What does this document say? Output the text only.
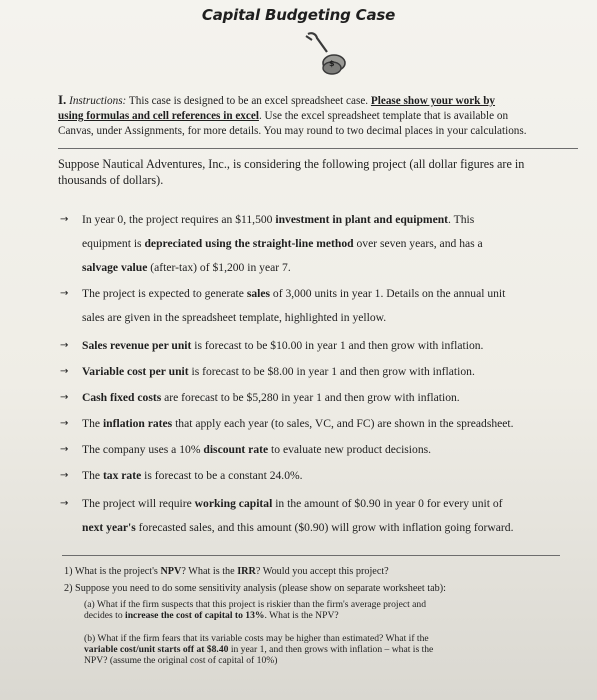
Capital Budgeting Case
$
I. Instructions: This case is designed to be an excel spreadsheet case. Please show your work by
using formulas and cell references in excel. Use the excel spreadsheet template that is available on
Canvas, under Assignments, for more details. You may round to two decimal places in your calculations.
Suppose Nautical Adventures, Inc., is considering the following project (all dollar figures are in
thousands of dollars).
→ In year 0, the project requires an $11,500 investment in plant and equipment. This
equipment is depreciated using the straight-line method over seven years, and has a
salvage value (after-tax) of $1,200 in year 7.
→ The project is expected to generate sales of 3,000 units in year 1. Details on the annual unit
sales are given in the spreadsheet template, highlighted in yellow.
→ Sales revenue per unit is forecast to be $10.00 in year 1 and then grow with inflation.
→ Variable cost per unit is forecast to be $8.00 in year 1 and then grow with inflation.
→ Cash fixed costs are forecast to be $5,280 in year 1 and then grow with inflation.
→ The inflation rates that apply each year (to sales, VC, and FC) are shown in the spreadsheet.
→ The company uses a 10% discount rate to evaluate new product decisions.
→ The tax rate is forecast to be a constant 24.0%.
→ The project will require working capital in the amount of $0.90 in year 0 for every unit of
next year's forecasted sales, and this amount ($0.90) will grow with inflation going forward.
1) What is the project's NPV? What is the IRR? Would you accept this project?
2) Suppose you need to do some sensitivity analysis (please show on separate worksheet tab):
(a) What if the firm suspects that this project is riskier than the firm's average project and
decides to increase the cost of capital to 13%. What is the NPV?
(b) What if the firm fears that its variable costs may be higher than estimated? What if the
variable cost/unit starts off at $8.40 in year 1, and then grows with inflation – what is the
NPV? (assume the original cost of capital of 10%)
